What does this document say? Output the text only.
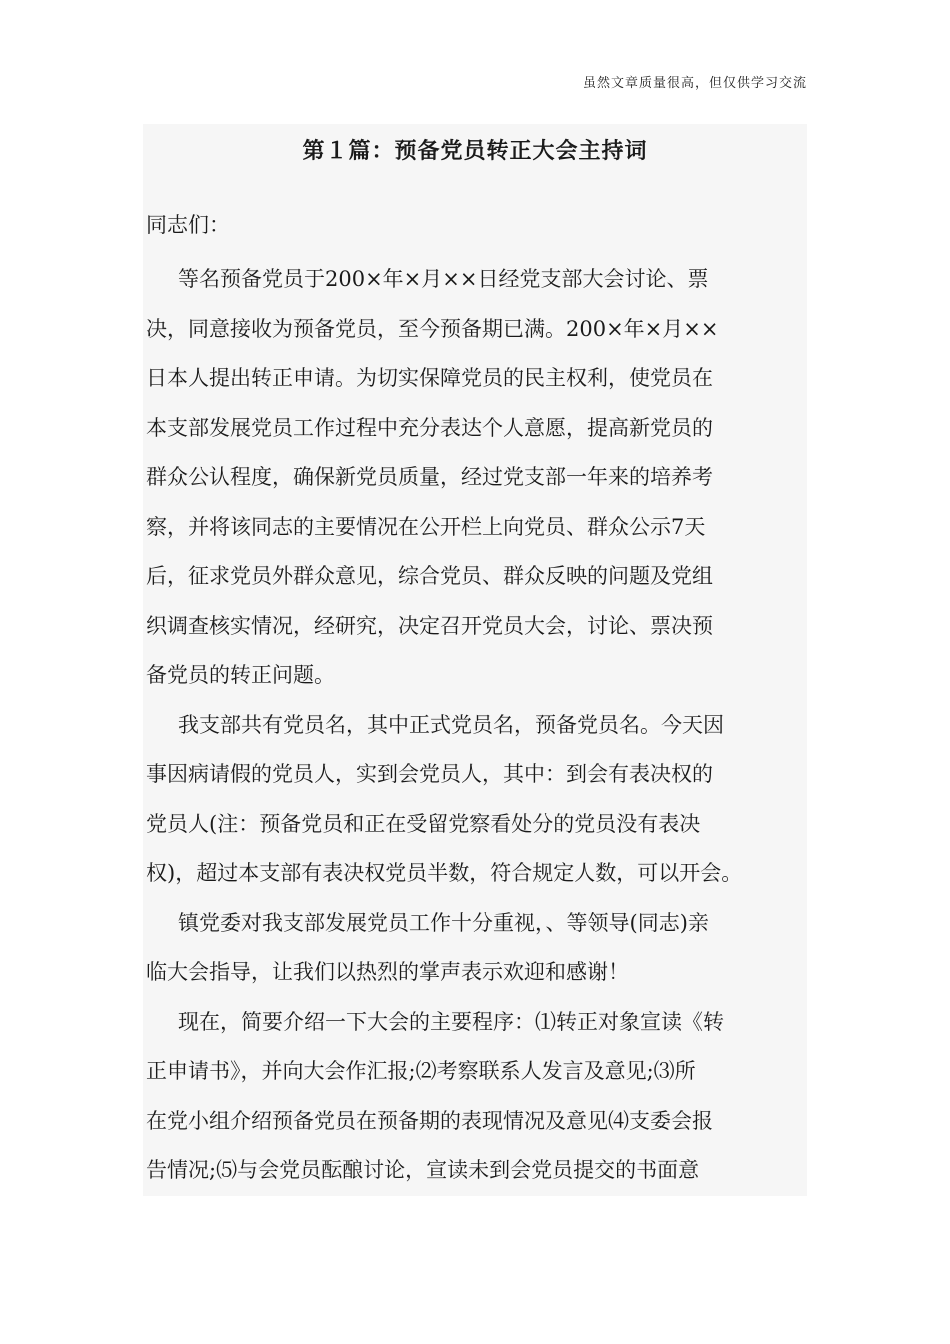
虽然文章质量很高，但仅供学习交流
第１篇：预备党员转正大会主持词
同志们：

等名预备党员于200×年×月××日经党支部大会讨论、票
决，同意接收为预备党员，至今预备期已满。200×年×月××
日本人提出转正申请。为切实保障党员的民主权利，使党员在
本支部发展党员工作过程中充分表达个人意愿，提高新党员的
群众公认程度，确保新党员质量，经过党支部一年来的培养考
察，并将该同志的主要情况在公开栏上向党员、群众公示7天
后，征求党员外群众意见，综合党员、群众反映的问题及党组
织调查核实情况，经研究，决定召开党员大会，讨论、票决预
备党员的转正问题。

我支部共有党员名，其中正式党员名，预备党员名。今天因
事因病请假的党员人，实到会党员人，其中：到会有表决权的
党员人(注：预备党员和正在受留党察看处分的党员没有表决
权)，超过本支部有表决权党员半数，符合规定人数，可以开会。

镇党委对我支部发展党员工作十分重视，、等领导(同志)亲
临大会指导，让我们以热烈的掌声表示欢迎和感谢！

现在，简要介绍一下大会的主要程序：⑴转正对象宣读《转
正申请书》，并向大会作汇报;⑵考察联系人发言及意见;⑶所
在党小组介绍预备党员在预备期的表现情况及意见⑷支委会报
告情况;⑸与会党员酝酿讨论，宣读未到会党员提交的书面意
